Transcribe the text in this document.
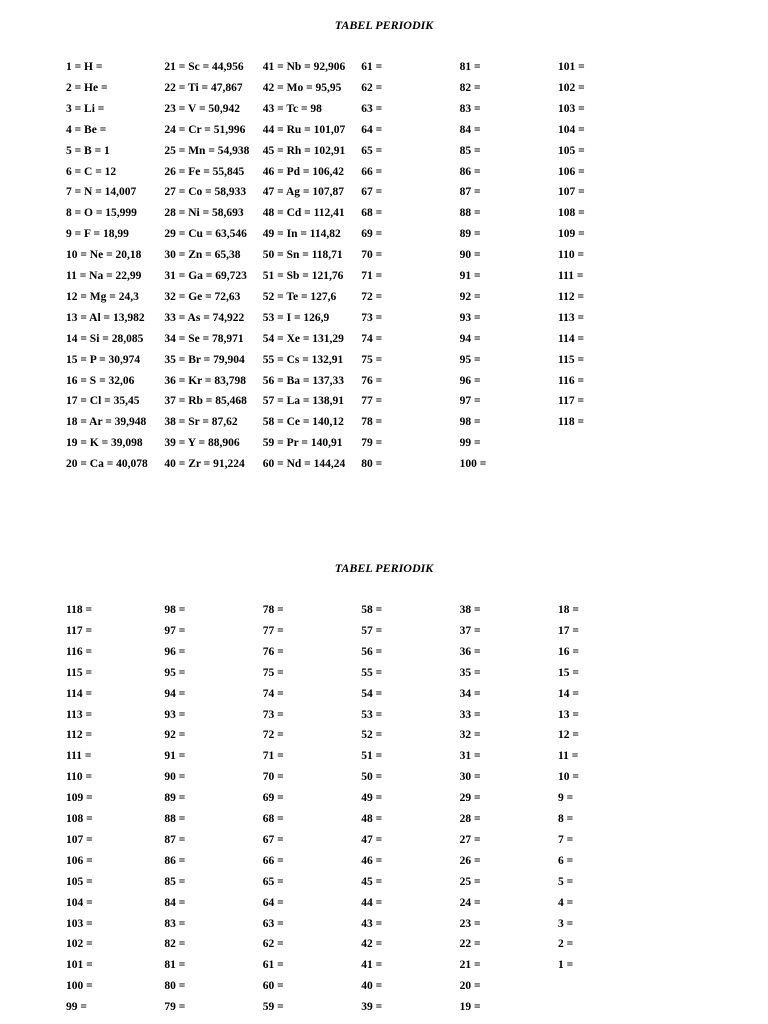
TABEL PERIODIK
1 = H =
2 = He =
3 = Li =
4 = Be =
5 = B = 1
6 = C = 12
7 = N = 14,007
8 = O = 15,999
9 = F = 18,99
10 = Ne = 20,18
11 = Na = 22,99
12 = Mg = 24,3
13 = Al = 13,982
14 = Si = 28,085
15 = P = 30,974
16 = S = 32,06
17 = Cl = 35,45
18 = Ar = 39,948
19 = K = 39,098
20 = Ca = 40,078
21 = Sc = 44,956
22 = Ti = 47,867
23 = V = 50,942
24 = Cr = 51,996
25 = Mn = 54,938
26 = Fe = 55,845
27 = Co = 58,933
28 = Ni = 58,693
29 = Cu = 63,546
30 = Zn = 65,38
31 = Ga = 69,723
32 = Ge = 72,63
33 = As = 74,922
34 = Se = 78,971
35 = Br = 79,904
36 = Kr = 83,798
37 = Rb = 85,468
38 = Sr = 87,62
39 = Y = 88,906
40 = Zr = 91,224
41 = Nb = 92,906
42 = Mo = 95,95
43 = Tc = 98
44 = Ru = 101,07
45 = Rh = 102,91
46 = Pd = 106,42
47 = Ag = 107,87
48 = Cd = 112,41
49 = In = 114,82
50 = Sn = 118,71
51 = Sb = 121,76
52 = Te = 127,6
53 = I = 126,9
54 = Xe = 131,29
55 = Cs = 132,91
56 = Ba = 137,33
57 = La = 138,91
58 = Ce = 140,12
59 = Pr = 140,91
60 = Nd = 144,24
61 =
62 =
63 =
64 =
65 =
66 =
67 =
68 =
69 =
70 =
71 =
72 =
73 =
74 =
75 =
76 =
77 =
78 =
79 =
80 =
81 =
82 =
83 =
84 =
85 =
86 =
87 =
88 =
89 =
90 =
91 =
92 =
93 =
94 =
95 =
96 =
97 =
98 =
99 =
100 =
101 =
102 =
103 =
104 =
105 =
106 =
107 =
108 =
109 =
110 =
111 =
112 =
113 =
114 =
115 =
116 =
117 =
118 =
TABEL PERIODIK
118 =
117 =
116 =
115 =
114 =
113 =
112 =
111 =
110 =
109 =
108 =
107 =
106 =
105 =
104 =
103 =
102 =
101 =
100 =
99 =
98 =
97 =
96 =
95 =
94 =
93 =
92 =
91 =
90 =
89 =
88 =
87 =
86 =
85 =
84 =
83 =
82 =
81 =
80 =
79 =
78 =
77 =
76 =
75 =
74 =
73 =
72 =
71 =
70 =
69 =
68 =
67 =
66 =
65 =
64 =
63 =
62 =
61 =
60 =
59 =
58 =
57 =
56 =
55 =
54 =
53 =
52 =
51 =
50 =
49 =
48 =
47 =
46 =
45 =
44 =
43 =
42 =
41 =
40 =
39 =
38 =
37 =
36 =
35 =
34 =
33 =
32 =
31 =
30 =
29 =
28 =
27 =
26 =
25 =
24 =
23 =
22 =
21 =
20 =
19 =
18 =
17 =
16 =
15 =
14 =
13 =
12 =
11 =
10 =
9 =
8 =
7 =
6 =
5 =
4 =
3 =
2 =
1 =
